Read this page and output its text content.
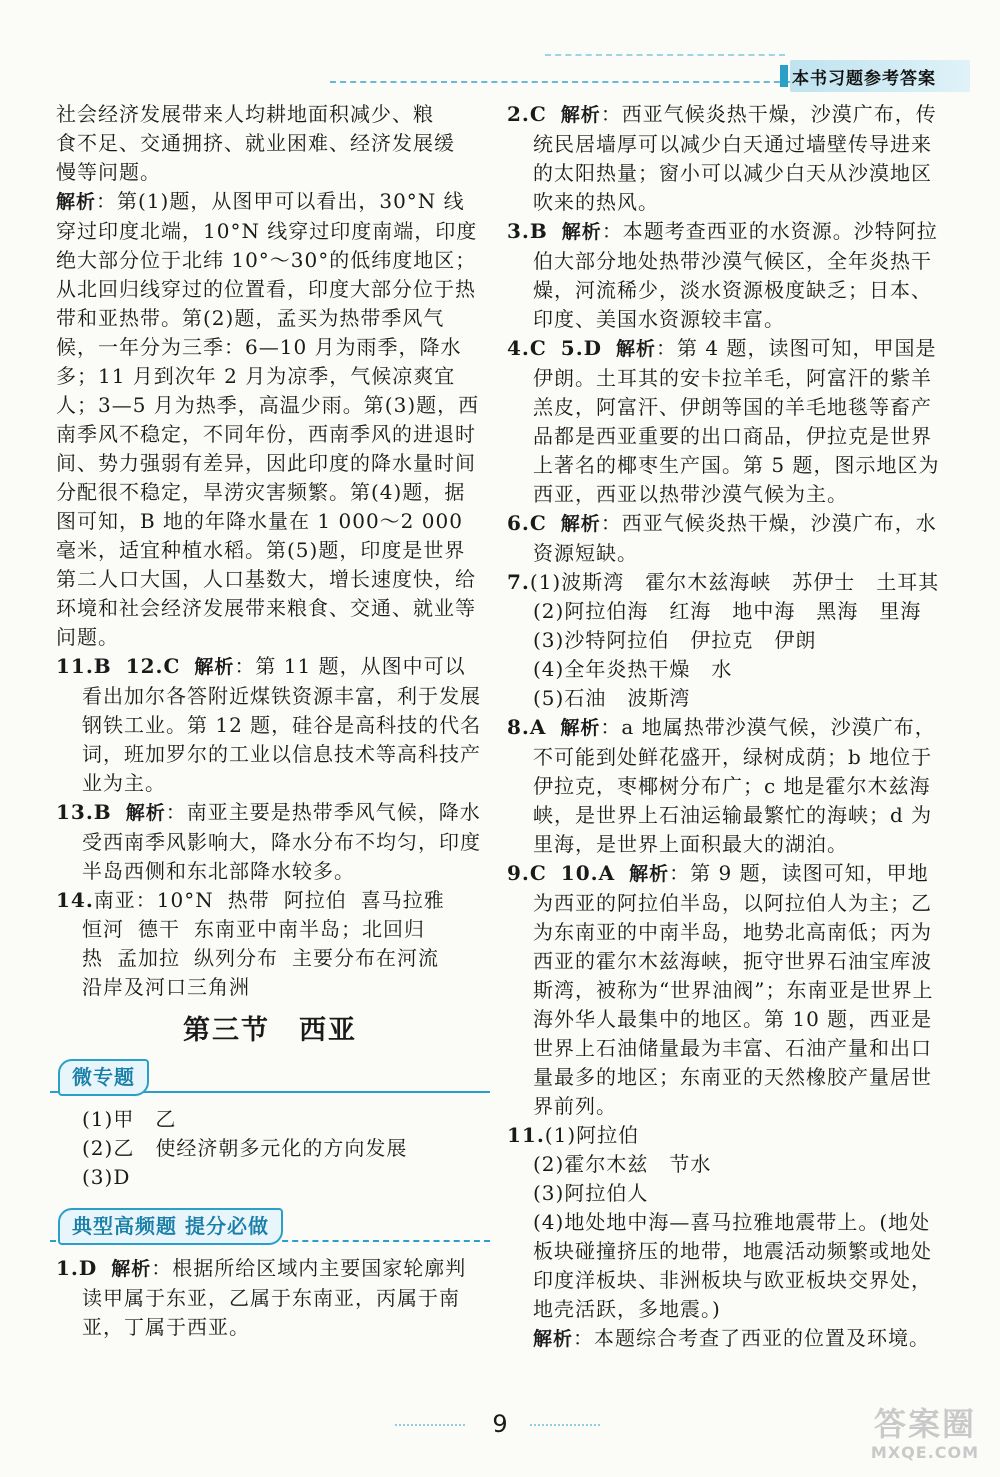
本书习题参考答案

社会经济发展带来人均耕地面积减少、粮
食不足、交通拥挤、就业困难、经济发展缓
慢等问题。

解析：第(1)题，从图甲可以看出，30°N 线穿过印度北端，10°N 线穿过印度南端，印度绝大部分位于北纬 10°～30°的低纬度地区；从北回归线穿过的位置看，印度大部分位于热带和亚热带。第(2)题，孟买为热带季风气候，一年分为三季：6—10 月为雨季，降水多；11 月到次年 2 月为凉季，气候凉爽宜人；3—5 月为热季，高温少雨。第(3)题，西南季风不稳定，不同年份，西南季风的进退时间、势力强弱有差异，因此印度的降水量时间分配很不稳定，旱涝灾害频繁。第(4)题，据图可知，B 地的年降水量在 1 000～2 000 毫米，适宜种植水稻。第(5)题，印度是世界第二人口大国，人口基数大，增长速度快，给环境和社会经济发展带来粮食、交通、就业等问题。

11.B 12.C 解析：第 11 题，从图中可以看出加尔各答附近煤铁资源丰富，利于发展钢铁工业。第 12 题，硅谷是高科技的代名词，班加罗尔的工业以信息技术等高科技产业为主。

13.B 解析：南亚主要是热带季风气候，降水受西南季风影响大，降水分布不均匀，印度半岛西侧和东北部降水较多。

14.南亚：10°N 热带 阿拉伯 喜马拉雅
恒河 德干 东南亚中南半岛；北回归
热 孟加拉 纵列分布 主要分布在河流
沿岸及河口三角洲
第三节　西亚
微专题
(1)甲　乙
(2)乙　使经济朝多元化的方向发展
(3)D
典型高频题 提分必做

1.D 解析：根据所给区域内主要国家轮廓判读甲属于东亚，乙属于东南亚，丙属于南亚，丁属于西亚。

2.C 解析：西亚气候炎热干燥，沙漠广布，传统民居墙厚可以减少白天通过墙壁传导进来的太阳热量；窗小可以减少白天从沙漠地区吹来的热风。

3.B 解析：本题考查西亚的水资源。沙特阿拉伯大部分地处热带沙漠气候区，全年炎热干燥，河流稀少，淡水资源极度缺乏；日本、印度、美国水资源较丰富。

4.C 5.D 解析：第 4 题，读图可知，甲国是伊朗。土耳其的安卡拉羊毛，阿富汗的紫羊羔皮，阿富汗、伊朗等国的羊毛地毯等畜产品都是西亚重要的出口商品，伊拉克是世界上著名的椰枣生产国。第 5 题，图示地区为西亚，西亚以热带沙漠气候为主。

6.C 解析：西亚气候炎热干燥，沙漠广布，水资源短缺。

7.(1)波斯湾　霍尔木兹海峡　苏伊士　土耳其
(2)阿拉伯海　红海　地中海　黑海　里海
(3)沙特阿拉伯　伊拉克　伊朗
(4)全年炎热干燥　水
(5)石油　波斯湾

8.A 解析：a 地属热带沙漠气候，沙漠广布，不可能到处鲜花盛开，绿树成荫；b 地位于伊拉克，枣椰树分布广；c 地是霍尔木兹海峡，是世界上石油运输最繁忙的海峡；d 为里海，是世界上面积最大的湖泊。

9.C 10.A 解析：第 9 题，读图可知，甲地为西亚的阿拉伯半岛，以阿拉伯人为主；乙为东南亚的中南半岛，地势北高南低；丙为西亚的霍尔木兹海峡，扼守世界石油宝库波斯湾，被称为“世界油阀”；东南亚是世界上海外华人最集中的地区。第 10 题，西亚是世界上石油储量最为丰富、石油产量和出口量最多的地区；东南亚的天然橡胶产量居世界前列。

11.(1)阿拉伯
(2)霍尔木兹　节水
(3)阿拉伯人
(4)地处地中海—喜马拉雅地震带上。(地处板块碰撞挤压的地带，地震活动频繁或地处印度洋板块、非洲板块与欧亚板块交界处，地壳活跃，多地震。)
解析：本题综合考查了西亚的位置及环境。
9	答案圈
MXQE.COM
